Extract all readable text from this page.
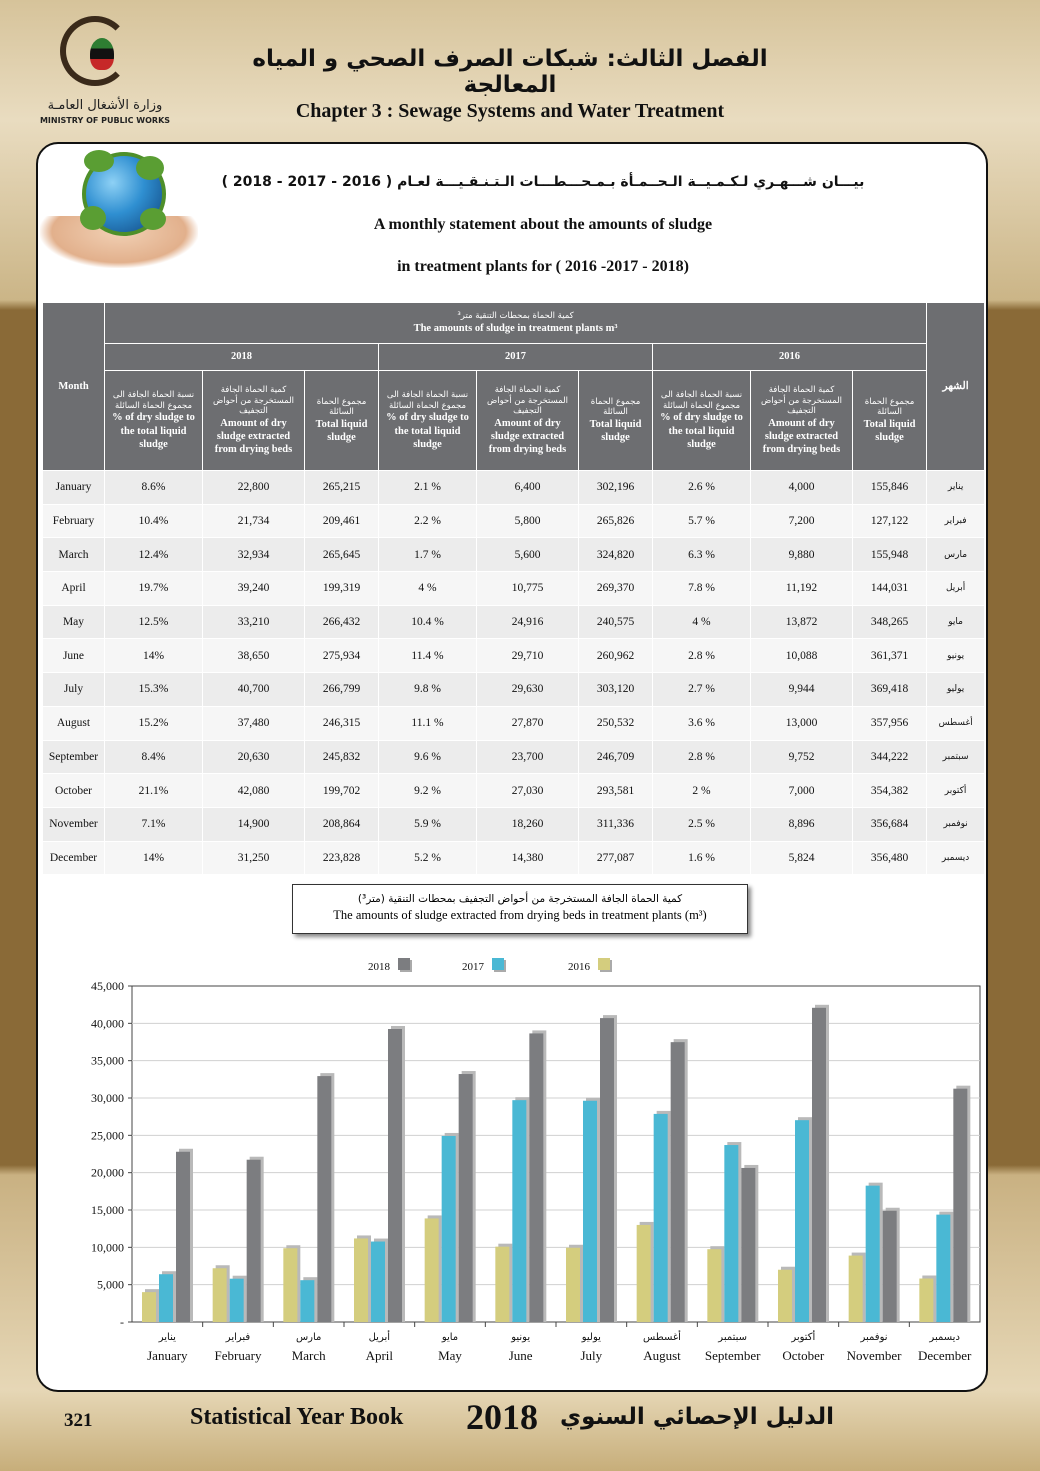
وزارة الأشغال العامـة
MINISTRY OF PUBLIC WORKS
الفصل الثالث: شبكات الصرف الصحي و المياه المعالجة
Chapter 3 : Sewage Systems and Water Treatment
بيـــان شـــهـري لـكـمـيــة الـحــمـأة بـمـحـــطـــات الـتـنـقـيـــة لعـام ( 2016 - 2017 - 2018 )
A monthly statement about the amounts of sludge
in treatment plants for ( 2016 -2017 - 2018)
Month	كمية الحماة بمحطات التنقية متر³
The amounts of sludge in treatment plants m³									الشهر
	2018			2017			2016			

	نسبة الحماة الجافة الى مجموع الحماة السائلة
% of dry sludge to the total liquid sludge	كمية الحماة الجافة المستخرجة من أحواض التجفيف
Amount of dry sludge extracted from drying beds	مجموع الحماة السائلة
Total liquid sludge	نسبة الحماة الجافة الى مجموع الحماة السائلة
% of dry sludge to the total liquid sludge	كمية الحماة الجافة المستخرجة من أحواض التجفيف
Amount of dry sludge extracted from drying beds	مجموع الحماة السائلة
Total liquid sludge	نسبة الحماة الجافة الى مجموع الحماة السائلة
% of dry sludge to the total liquid sludge	كمية الحماة الجافة المستخرجة من أحواض التجفيف
Amount of dry sludge extracted from drying beds	مجموع الحماة السائلة
Total liquid sludge	
January	8.6%	22,800	265,215	2.1 %	6,400	302,196	2.6 %	4,000	155,846	يناير
February	10.4%	21,734	209,461	2.2 %	5,800	265,826	5.7 %	7,200	127,122	فبراير
March	12.4%	32,934	265,645	1.7 %	5,600	324,820	6.3 %	9,880	155,948	مارس
April	19.7%	39,240	199,319	4 %	10,775	269,370	7.8 %	11,192	144,031	أبريل
May	12.5%	33,210	266,432	10.4 %	24,916	240,575	4 %	13,872	348,265	مايو
June	14%	38,650	275,934	11.4 %	29,710	260,962	2.8 %	10,088	361,371	يونيو
July	15.3%	40,700	266,799	9.8 %	29,630	303,120	2.7 %	9,944	369,418	يوليو
August	15.2%	37,480	246,315	11.1 %	27,870	250,532	3.6 %	13,000	357,956	أغسطس
September	8.4%	20,630	245,832	9.6 %	23,700	246,709	2.8 %	9,752	344,222	سبتمبر
October	21.1%	42,080	199,702	9.2 %	27,030	293,581	2 %	7,000	354,382	أكتوبر
November	7.1%	14,900	208,864	5.9 %	18,260	311,336	2.5 %	8,896	356,684	نوفمبر
December	14%	31,250	223,828	5.2 %	14,380	277,087	1.6 %	5,824	356,480	ديسمبر
كمية الحماة الجافة المستخرجة من أحواض التجفيف بمحطات التنقية (متر³)
The amounts of sludge extracted from drying beds in treatment plants (m³)
-
5,000
10,000
15,000
20,000
25,000
30,000
35,000
40,000
45,000
يناير
January
فبراير
February
مارس
March
أبريل
April
مايو
May
يونيو
June
يوليو
July
أغسطس
August
سبتمبر
September
أكتوبر
October
نوفمبر
November
ديسمبر
December
2018	2017	2016
321	Statistical Year Book 2018 الدليل الإحصائي السنوي
